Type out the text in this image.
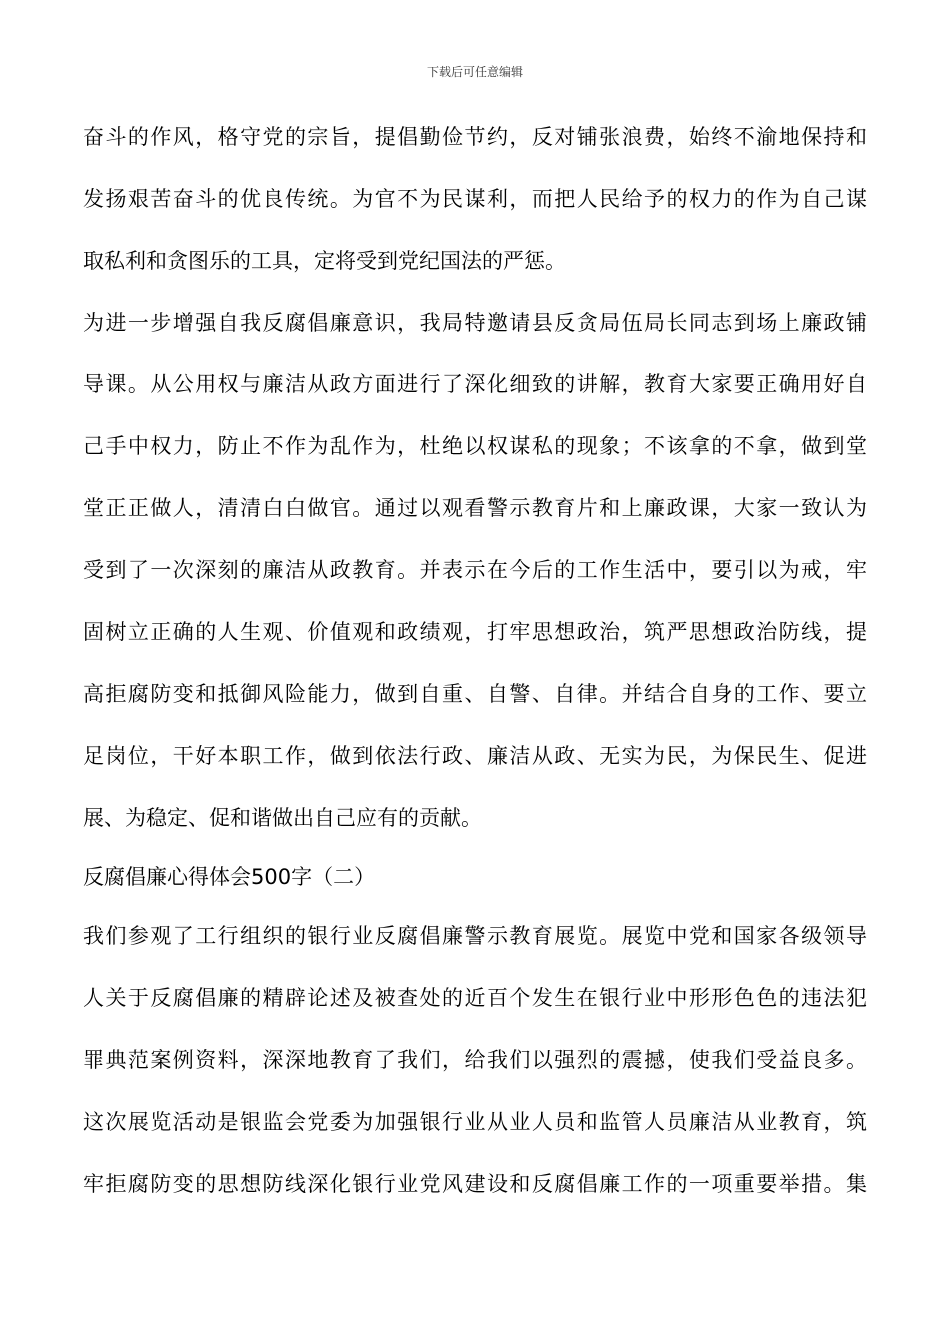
下载后可任意编辑
奋斗的作风，格守党的宗旨，提倡勤俭节约，反对铺张浪费，始终不渝地保持和
发扬艰苦奋斗的优良传统。为官不为民谋利，而把人民给予的权力的作为自己谋
取私利和贪图乐的工具，定将受到党纪国法的严惩。
为进一步增强自我反腐倡廉意识，我局特邀请县反贪局伍局长同志到场上廉政铺
导课。从公用权与廉洁从政方面进行了深化细致的讲解，教育大家要正确用好自
己手中权力，防止不作为乱作为，杜绝以权谋私的现象；不该拿的不拿，做到堂
堂正正做人，清清白白做官。通过以观看警示教育片和上廉政课，大家一致认为
受到了一次深刻的廉洁从政教育。并表示在今后的工作生活中，要引以为戒，牢
固树立正确的人生观、价值观和政绩观，打牢思想政治，筑严思想政治防线，提
高拒腐防变和抵御风险能力，做到自重、自警、自律。并结合自身的工作、要立
足岗位，干好本职工作，做到依法行政、廉洁从政、无实为民，为保民生、促进
展、为稳定、促和谐做出自己应有的贡献。
反腐倡廉心得体会500字（二）
我们参观了工行组织的银行业反腐倡廉警示教育展览。展览中党和国家各级领导
人关于反腐倡廉的精辟论述及被查处的近百个发生在银行业中形形色色的违法犯
罪典范案例资料，深深地教育了我们，给我们以强烈的震撼，使我们受益良多。
这次展览活动是银监会党委为加强银行业从业人员和监管人员廉洁从业教育，筑
牢拒腐防变的思想防线深化银行业党风建设和反腐倡廉工作的一项重要举措。集
